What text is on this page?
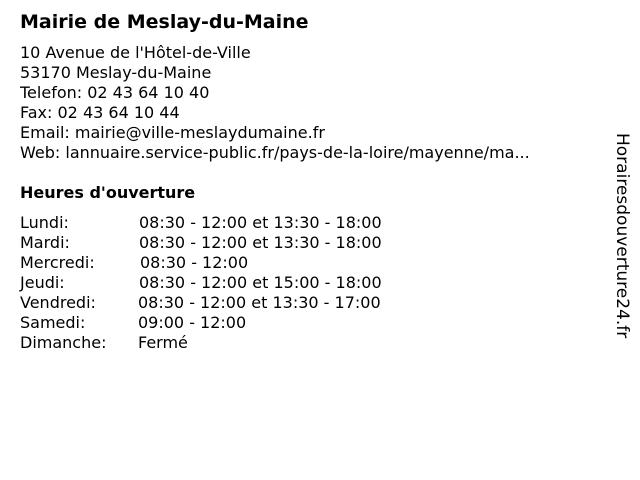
Mairie de Meslay-du-Maine
10 Avenue de l'Hôtel-de-Ville
53170 Meslay-du-Maine
Telefon: 02 43 64 10 40
Fax: 02 43 64 10 44
Email: mairie@ville-meslaydumaine.fr
Web: lannuaire.service-public.fr/pays-de-la-loire/mayenne/ma...
Heures d'ouverture
Lundi:	08:30 - 12:00 et 13:30 - 18:00
Mardi:	08:30 - 12:00 et 13:30 - 18:00
Mercredi:	08:30 - 12:00
Jeudi:	08:30 - 12:00 et 15:00 - 18:00
Vendredi:	08:30 - 12:00 et 13:30 - 17:00
Samedi:	09:00 - 12:00
Dimanche: Fermé
Horairesdouverture24.fr
